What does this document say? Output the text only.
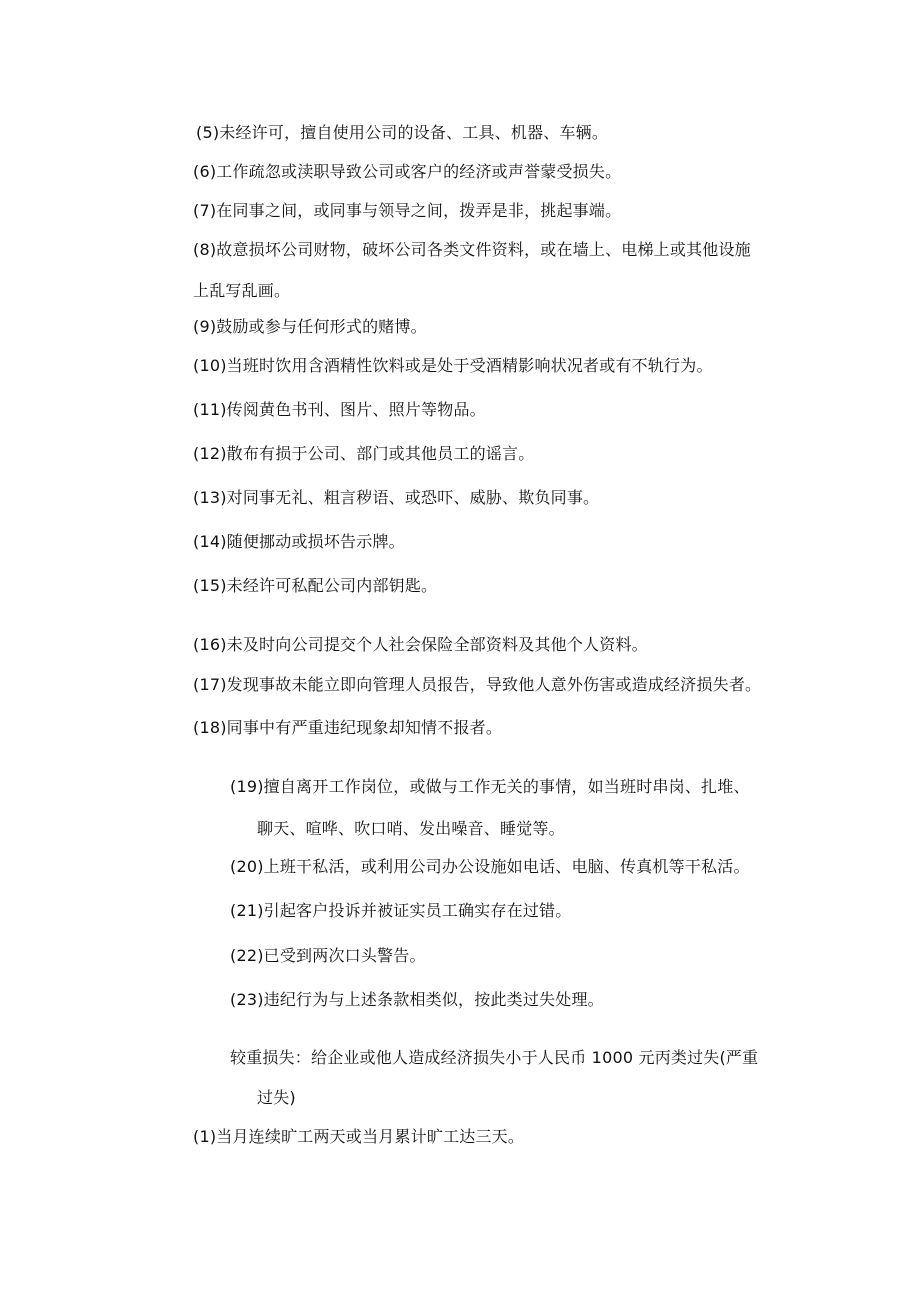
(5)未经许可，擅自使用公司的设备、工具、机器、车辆。
(6)工作疏忽或渎职导致公司或客户的经济或声誉蒙受损失。
(7)在同事之间，或同事与领导之间，拨弄是非，挑起事端。
(8)故意损坏公司财物，破坏公司各类文件资料，或在墙上、电梯上或其他设施
上乱写乱画。
(9)鼓励或参与任何形式的赌博。
(10)当班时饮用含酒精性饮料或是处于受酒精影响状况者或有不轨行为。
(11)传阅黄色书刊、图片、照片等物品。
(12)散布有损于公司、部门或其他员工的谣言。
(13)对同事无礼、粗言秽语、或恐吓、威胁、欺负同事。
(14)随便挪动或损坏告示牌。
(15)未经许可私配公司内部钥匙。
(16)未及时向公司提交个人社会保险全部资料及其他个人资料。
(17)发现事故未能立即向管理人员报告，导致他人意外伤害或造成经济损失者。
(18)同事中有严重违纪现象却知情不报者。
(19)擅自离开工作岗位，或做与工作无关的事情，如当班时串岗、扎堆、
聊天、喧哗、吹口哨、发出噪音、睡觉等。
(20)上班干私活，或利用公司办公设施如电话、电脑、传真机等干私活。
(21)引起客户投诉并被证实员工确实存在过错。
(22)已受到两次口头警告。
(23)违纪行为与上述条款相类似，按此类过失处理。
较重损失：给企业或他人造成经济损失小于人民币 1000 元丙类过失(严重
过失)
(1)当月连续旷工两天或当月累计旷工达三天。
